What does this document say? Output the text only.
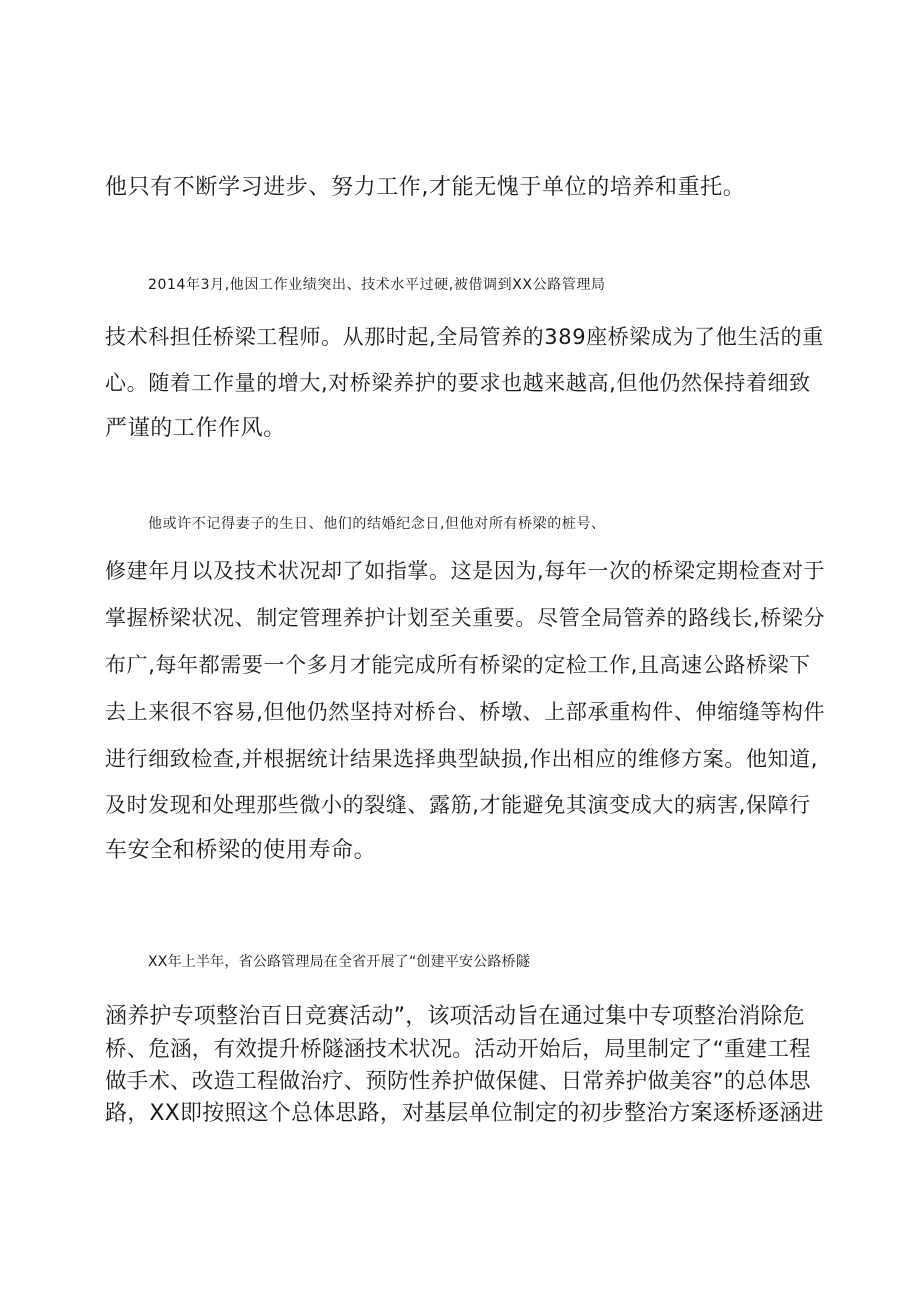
他只有不断学习进步、努力工作,才能无愧于单位的培养和重托。
2014年3月,他因工作业绩突出、技术水平过硬,被借调到XX公路管理局
技术科担任桥梁工程师。从那时起,全局管养的389座桥梁成为了他生活的重
心。随着工作量的增大,对桥梁养护的要求也越来越高,但他仍然保持着细致
严谨的工作作风。
他或许不记得妻子的生日、他们的结婚纪念日,但他对所有桥梁的桩号、
修建年月以及技术状况却了如指掌。这是因为,每年一次的桥梁定期检查对于
掌握桥梁状况、制定管理养护计划至关重要。尽管全局管养的路线长,桥梁分
布广,每年都需要一个多月才能完成所有桥梁的定检工作,且高速公路桥梁下
去上来很不容易,但他仍然坚持对桥台、桥墩、上部承重构件、伸缩缝等构件
进行细致检查,并根据统计结果选择典型缺损,作出相应的维修方案。他知道,
及时发现和处理那些微小的裂缝、露筋,才能避免其演变成大的病害,保障行
车安全和桥梁的使用寿命。
XX年上半年，省公路管理局在全省开展了“创建平安公路桥隧
涵养护专项整治百日竞赛活动”，该项活动旨在通过集中专项整治消除危
桥、危涵，有效提升桥隧涵技术状况。活动开始后，局里制定了“重建工程
做手术、改造工程做治疗、预防性养护做保健、日常养护做美容”的总体思
路，XX即按照这个总体思路，对基层单位制定的初步整治方案逐桥逐涵进
